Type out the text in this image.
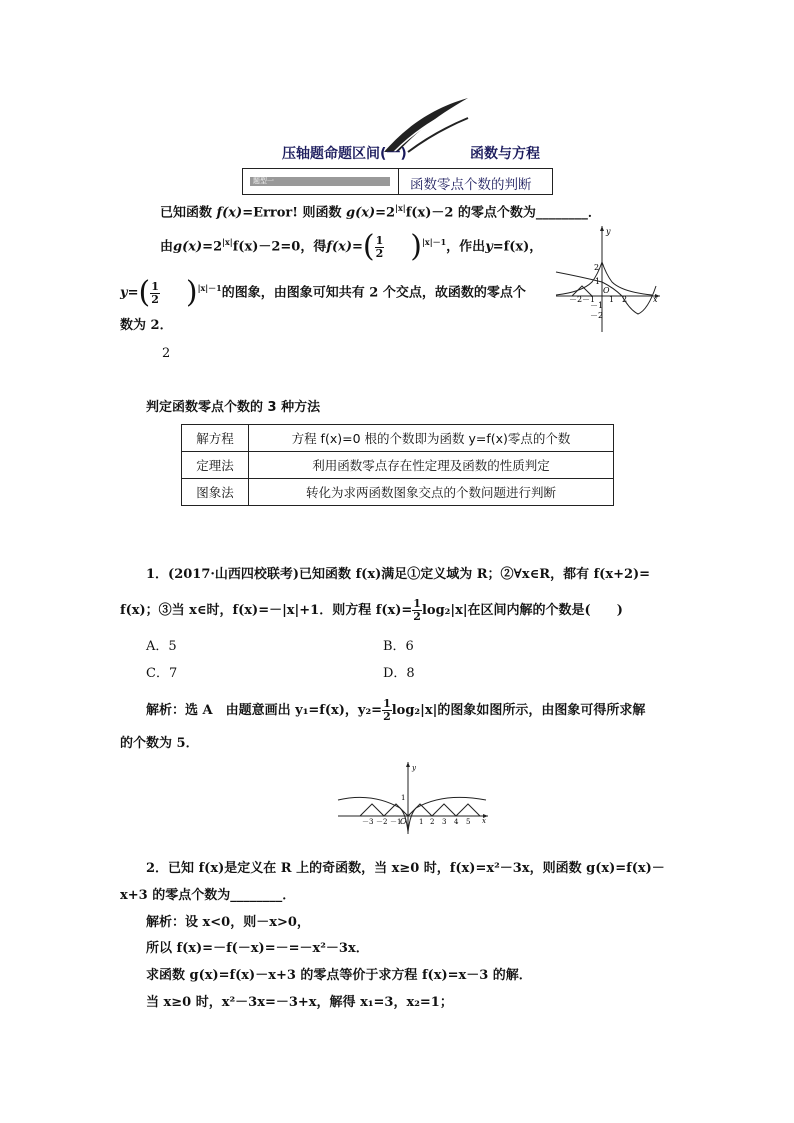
压轴题命题区间(一)	函数与方程
题型一	函数零点个数的判断
已知函数 f(x)=Error! 则函数 $g(x)=2^{|x|}f(x)-2$ 的零点个数为________．
由$g(x)=2^{|x|}f(x)-2=0$，得$f(x)=( \frac{1}{2} )^{|x|-1}$，作出y=f(x)，
$y=( \frac{1}{2} )^{|x|-1}$的图象，由图象可知共有 2 个交点，故函数的零点个
数为 2．
2
y
x
O
2
1
－2 －1 1 2
－1
－2
判定函数零点个数的 3 种方法
解方程	方程 f(x)=0 根的个数即为函数 y=f(x)零点的个数
定理法	利用函数零点存在性定理及函数的性质判定
图象法	转化为求两函数图象交点的个数问题进行判断
1．(2017·山西四校联考)已知函数 f(x)满足①定义域为 R；②∀x∈R，都有 f(x+2)=
f(x)；③当 x∈时，f(x)=－|x|+1．则方程 $f(x)= \frac{1}{2} \log_2|x|$在区间内解的个数是(　　)
A．5	B．6
C．7	D．8
解析：选 A　由题意画出 y₁=f(x)，$y_2= \frac{1}{2} \log_2|x|$的图象如图所示，由图象可得所求解
的个数为 5．
y
x
O
1
－3 －2 －1	1 2 3 4 5
2．已知 f(x)是定义在 R 上的奇函数，当 x≥0 时，f(x)=x²－3x，则函数 g(x)=f(x)－
x+3 的零点个数为________．
解析：设 x<0，则－x>0，
所以 f(x)=－f(－x)=－=－x²－3x．
求函数 g(x)=f(x)－x+3 的零点等价于求方程 f(x)=x－3 的解．
当 x≥0 时，x²－3x=－3+x，解得 x₁=3，x₂=1；
